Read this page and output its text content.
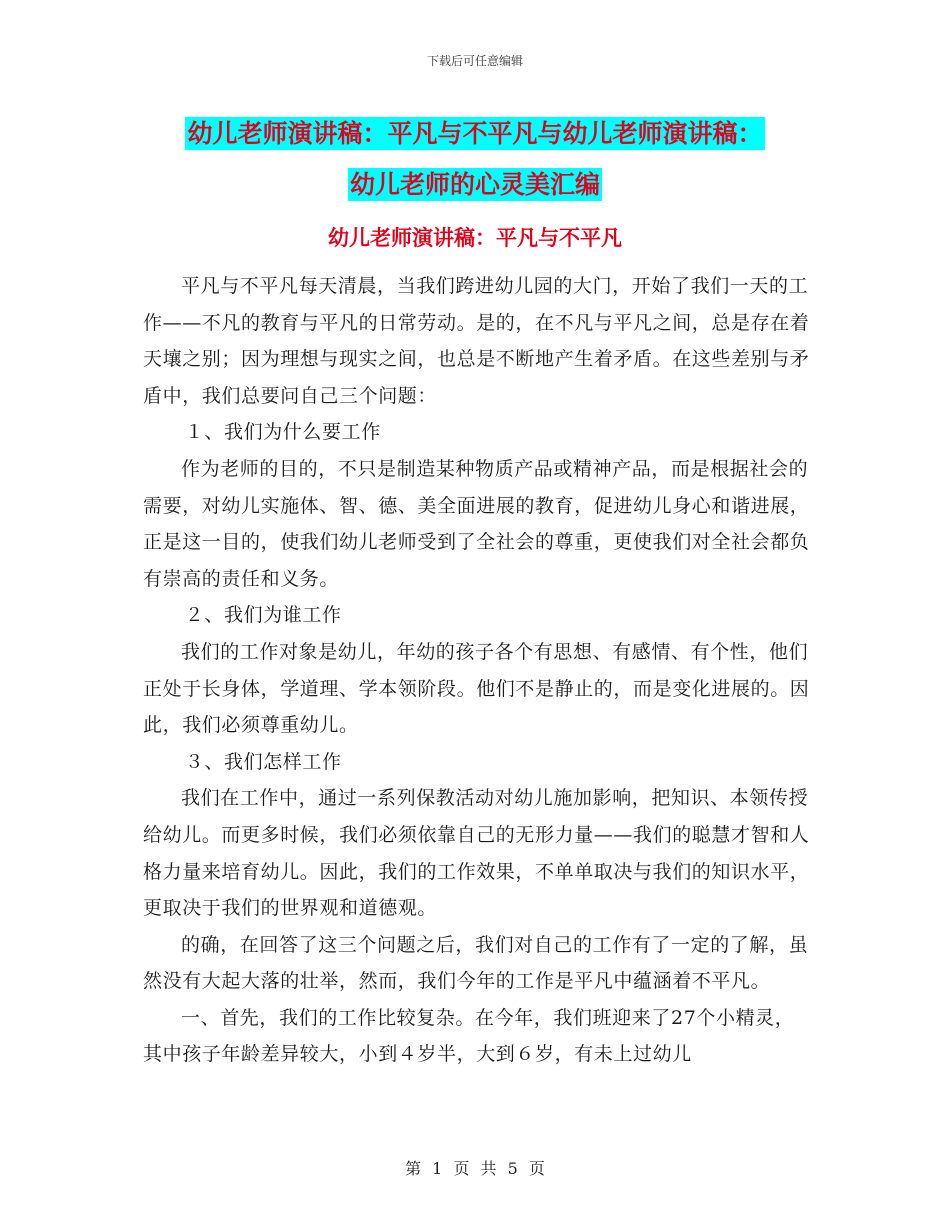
下载后可任意编辑
幼儿老师演讲稿：平凡与不平凡与幼儿老师演讲稿：
幼儿老师的心灵美汇编
幼儿老师演讲稿：平凡与不平凡

平凡与不平凡每天清晨，当我们跨进幼儿园的大门，开始了我们一天的工作——不凡的教育与平凡的日常劳动。是的，在不凡与平凡之间，总是存在着天壤之别；因为理想与现实之间，也总是不断地产生着矛盾。在这些差别与矛盾中，我们总要问自己三个问题：

１、我们为什么要工作

作为老师的目的，不只是制造某种物质产品或精神产品，而是根据社会的需要，对幼儿实施体、智、德、美全面进展的教育，促进幼儿身心和谐进展，正是这一目的，使我们幼儿老师受到了全社会的尊重，更使我们对全社会都负有崇高的责任和义务。

２、我们为谁工作

我们的工作对象是幼儿，年幼的孩子各个有思想、有感情、有个性，他们正处于长身体，学道理、学本领阶段。他们不是静止的，而是变化进展的。因此，我们必须尊重幼儿。

３、我们怎样工作

我们在工作中，通过一系列保教活动对幼儿施加影响，把知识、本领传授给幼儿。而更多时候，我们必须依靠自己的无形力量——我们的聪慧才智和人格力量来培育幼儿。因此，我们的工作效果，不单单取决与我们的知识水平，更取决于我们的世界观和道德观。

的确，在回答了这三个问题之后，我们对自己的工作有了一定的了解，虽然没有大起大落的壮举，然而，我们今年的工作是平凡中蕴涵着不平凡。

一、首先，我们的工作比较复杂。在今年，我们班迎来了27个小精灵，其中孩子年龄差异较大，小到４岁半，大到６岁，有未上过幼儿

第 1 页 共 5 页
